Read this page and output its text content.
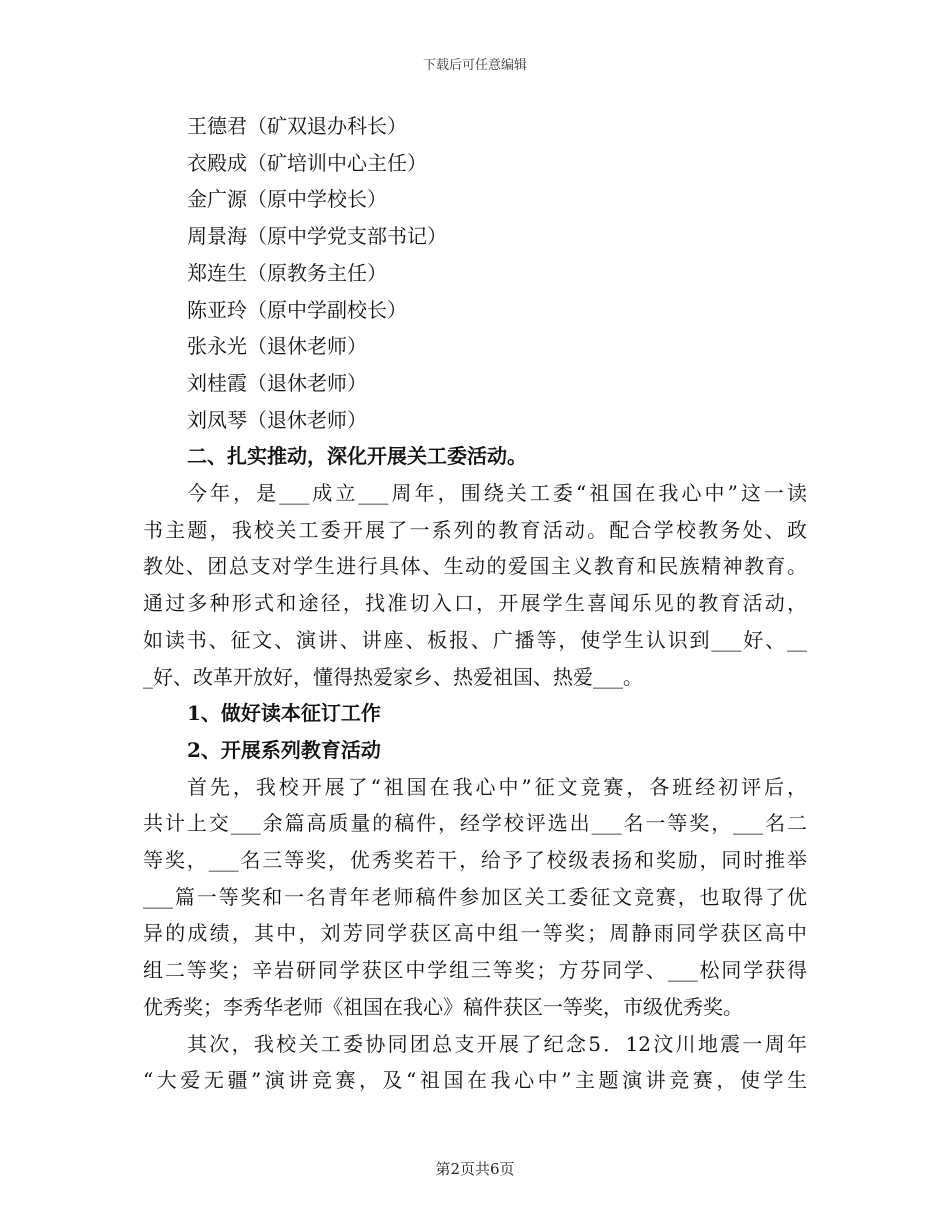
下载后可任意编辑

王德君（矿双退办科长）

衣殿成（矿培训中心主任）

金广源（原中学校长）

周景海（原中学党支部书记）

郑连生（原教务主任）

陈亚玲（原中学副校长）

张永光（退休老师）

刘桂霞（退休老师）

刘凤琴（退休老师）

二、扎实推动，深化开展关工委活动。

今年，是___成立___周年，围绕关工委“祖国在我心中”这一读

书主题，我校关工委开展了一系列的教育活动。配合学校教务处、政

教处、团总支对学生进行具体、生动的爱国主义教育和民族精神教育。

通过多种形式和途径，找准切入口，开展学生喜闻乐见的教育活动，

如读书、征文、演讲、讲座、板报、广播等，使学生认识到___好、__

_好、改革开放好，懂得热爱家乡、热爱祖国、热爱___。

1、做好读本征订工作

2、开展系列教育活动

首先，我校开展了“祖国在我心中”征文竞赛，各班经初评后，

共计上交___余篇高质量的稿件，经学校评选出___名一等奖，___名二

等奖，___名三等奖，优秀奖若干，给予了校级表扬和奖励，同时推举

___篇一等奖和一名青年老师稿件参加区关工委征文竞赛，也取得了优

异的成绩，其中，刘芳同学获区高中组一等奖；周静雨同学获区高中

组二等奖；辛岩研同学获区中学组三等奖；方芬同学、___松同学获得

优秀奖；李秀华老师《祖国在我心》稿件获区一等奖，市级优秀奖。

其次，我校关工委协同团总支开展了纪念5．12汶川地震一周年

“大爱无疆”演讲竞赛，及“祖国在我心中”主题演讲竞赛，使学生

第2页共6页
